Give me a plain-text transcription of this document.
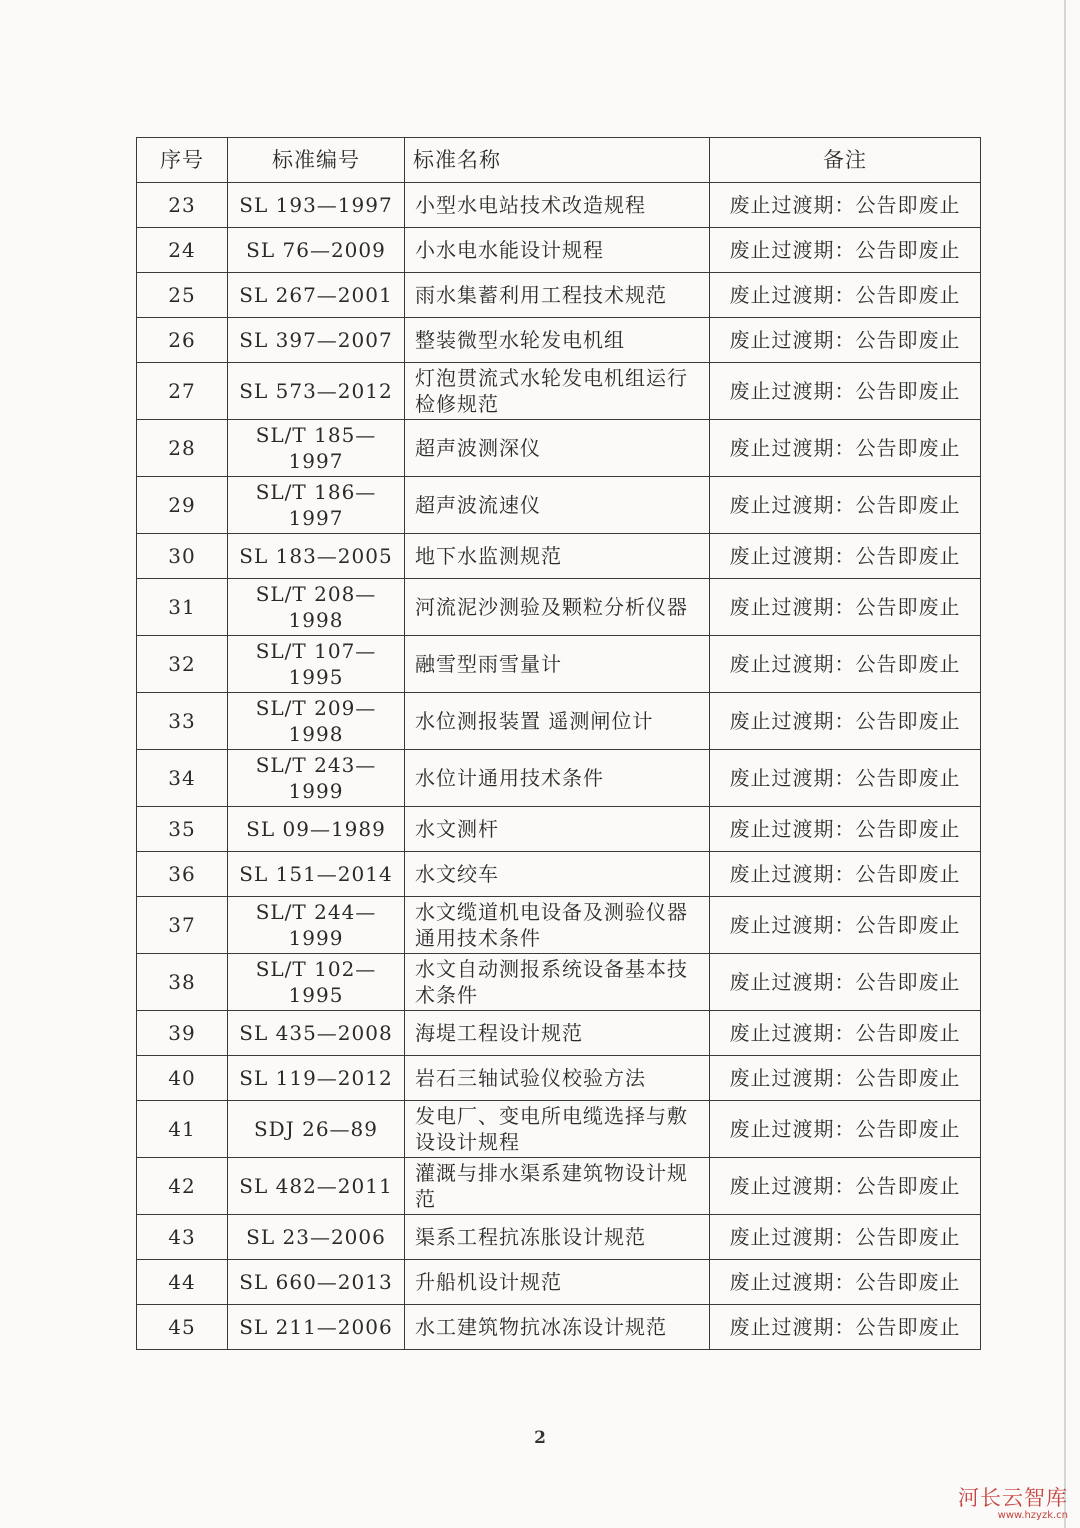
序号	标准编号	标准名称	备注
23	SL 193—1997	小型水电站技术改造规程	废止过渡期：公告即废止
24	SL 76—2009	小水电水能设计规程	废止过渡期：公告即废止
25	SL 267—2001	雨水集蓄利用工程技术规范	废止过渡期：公告即废止
26	SL 397—2007	整装微型水轮发电机组	废止过渡期：公告即废止
27	SL 573—2012	灯泡贯流式水轮发电机组运行检修规范	废止过渡期：公告即废止
28	SL/T 185—1997	超声波测深仪	废止过渡期：公告即废止
29	SL/T 186—1997	超声波流速仪	废止过渡期：公告即废止
30	SL 183—2005	地下水监测规范	废止过渡期：公告即废止
31	SL/T 208—1998	河流泥沙测验及颗粒分析仪器	废止过渡期：公告即废止
32	SL/T 107—1995	融雪型雨雪量计	废止过渡期：公告即废止
33	SL/T 209—1998	水位测报装置 遥测闸位计	废止过渡期：公告即废止
34	SL/T 243—1999	水位计通用技术条件	废止过渡期：公告即废止
35	SL 09—1989	水文测杆	废止过渡期：公告即废止
36	SL 151—2014	水文绞车	废止过渡期：公告即废止
37	SL/T 244—1999	水文缆道机电设备及测验仪器通用技术条件	废止过渡期：公告即废止
38	SL/T 102—1995	水文自动测报系统设备基本技术条件	废止过渡期：公告即废止
39	SL 435—2008	海堤工程设计规范	废止过渡期：公告即废止
40	SL 119—2012	岩石三轴试验仪校验方法	废止过渡期：公告即废止
41	SDJ 26—89	发电厂、变电所电缆选择与敷设设计规程	废止过渡期：公告即废止
42	SL 482—2011	灌溉与排水渠系建筑物设计规范	废止过渡期：公告即废止
43	SL 23—2006	渠系工程抗冻胀设计规范	废止过渡期：公告即废止
44	SL 660—2013	升船机设计规范	废止过渡期：公告即废止
45	SL 211—2006	水工建筑物抗冰冻设计规范	废止过渡期：公告即废止
2
河长云智库
www.hzyzk.cn
